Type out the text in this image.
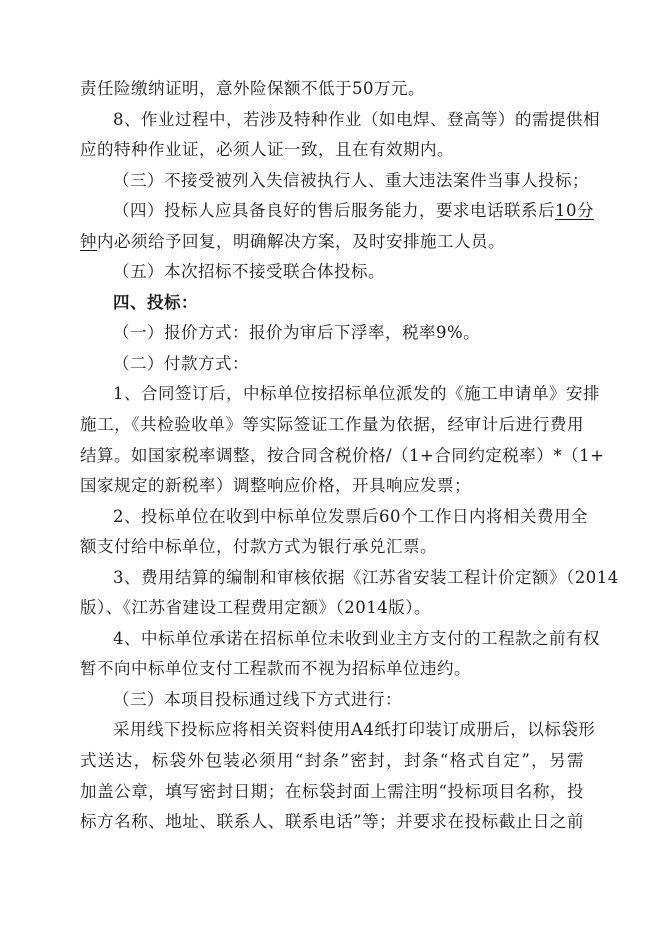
责任险缴纳证明，意外险保额不低于50万元。
8、作业过程中，若涉及特种作业（如电焊、登高等）的需提供相
应的特种作业证，必须人证一致，且在有效期内。
（三）不接受被列入失信被执行人、重大违法案件当事人投标；
（四）投标人应具备良好的售后服务能力，要求电话联系后10分
钟内必须给予回复，明确解决方案，及时安排施工人员。
（五）本次招标不接受联合体投标。
四、投标：
（一）报价方式：报价为审后下浮率，税率9%。
（二）付款方式：
1、合同签订后，中标单位按招标单位派发的《施工申请单》安排
施工，《共检验收单》等实际签证工作量为依据，经审计后进行费用
结算。如国家税率调整，按合同含税价格/（1+合同约定税率）*（1+
国家规定的新税率）调整响应价格，开具响应发票；
2、投标单位在收到中标单位发票后60个工作日内将相关费用全
额支付给中标单位，付款方式为银行承兑汇票。
3、费用结算的编制和审核依据《江苏省安装工程计价定额》（2014
版）、《江苏省建设工程费用定额》（2014版）。
4、中标单位承诺在招标单位未收到业主方支付的工程款之前有权
暂不向中标单位支付工程款而不视为招标单位违约。
（三）本项目投标通过线下方式进行：
采用线下投标应将相关资料使用A4纸打印装订成册后，以标袋形
式送达，标袋外包装必须用“封条”密封，封条“格式自定”，另需
加盖公章，填写密封日期；在标袋封面上需注明“投标项目名称，投
标方名称、地址、联系人、联系电话”等；并要求在投标截止日之前
